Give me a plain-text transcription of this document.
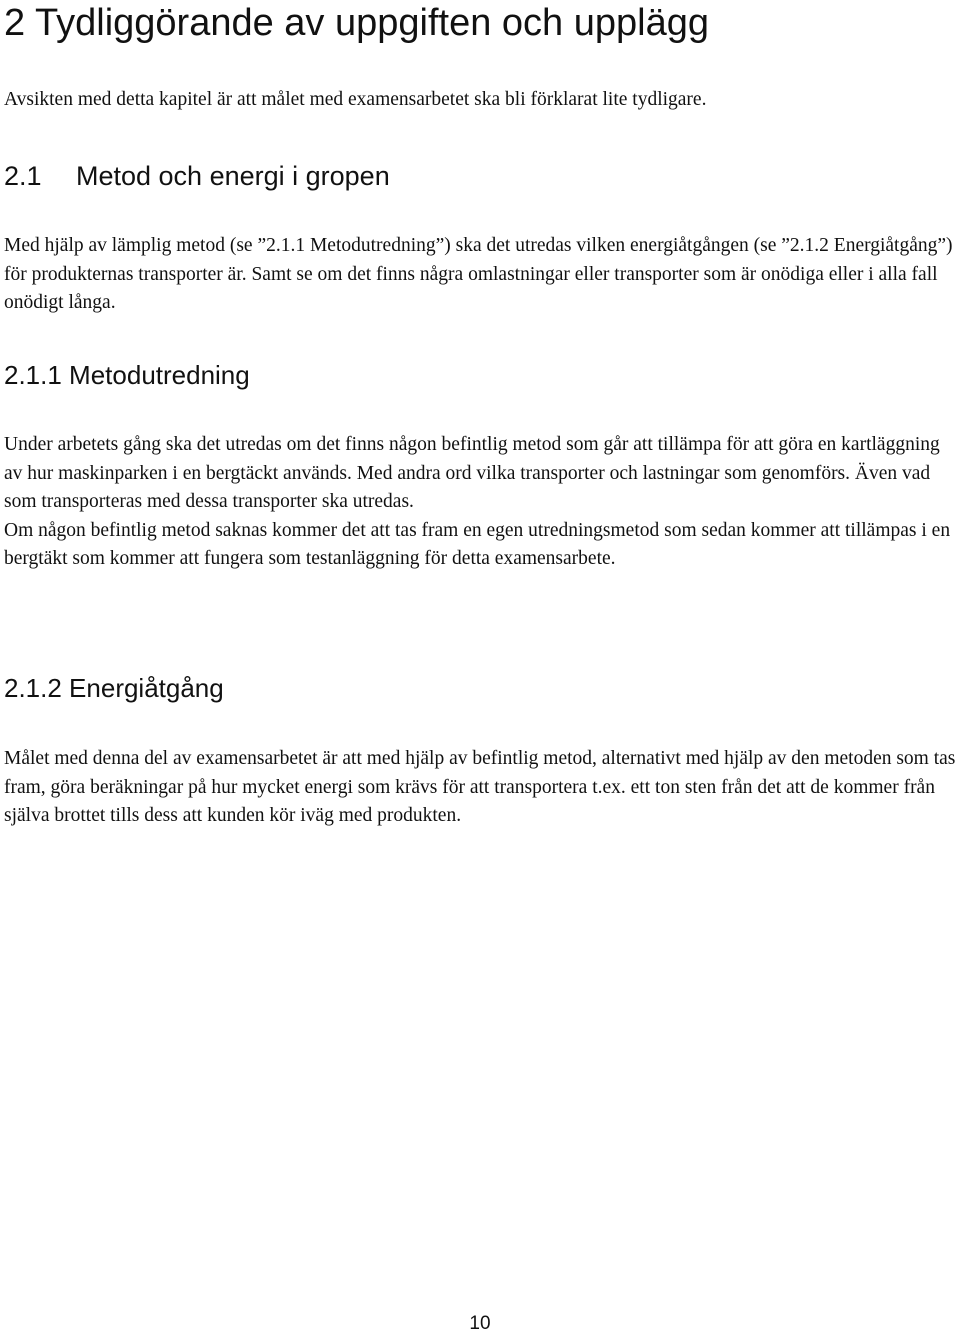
2 Tydliggörande av uppgiften och upplägg

Avsikten med detta kapitel är att målet med examensarbetet ska bli förklarat lite tydligare.

2.1 Metod och energi i gropen

Med hjälp av lämplig metod (se ”2.1.1 Metodutredning”) ska det utredas vilken energiåtgången (se ”2.1.2 Energiåtgång”) för produkternas transporter är. Samt se om det finns några omlastningar eller transporter som är onödiga eller i alla fall onödigt långa.

2.1.1 Metodutredning

Under arbetets gång ska det utredas om det finns någon befintlig metod som går att tillämpa för att göra en kartläggning av hur maskinparken i en bergtäckt används. Med andra ord vilka transporter och lastningar som genomförs. Även vad som transporteras med dessa transporter ska utredas.

Om någon befintlig metod saknas kommer det att tas fram en egen utredningsmetod som sedan kommer att tillämpas i en bergtäkt som kommer att fungera som testanläggning för detta examensarbete.

2.1.2 Energiåtgång

Målet med denna del av examensarbetet är att med hjälp av befintlig metod, alternativt med hjälp av den metoden som tas fram, göra beräkningar på hur mycket energi som krävs för att transportera t.ex. ett ton sten från det att de kommer från själva brottet tills dess att kunden kör iväg med produkten.

10
